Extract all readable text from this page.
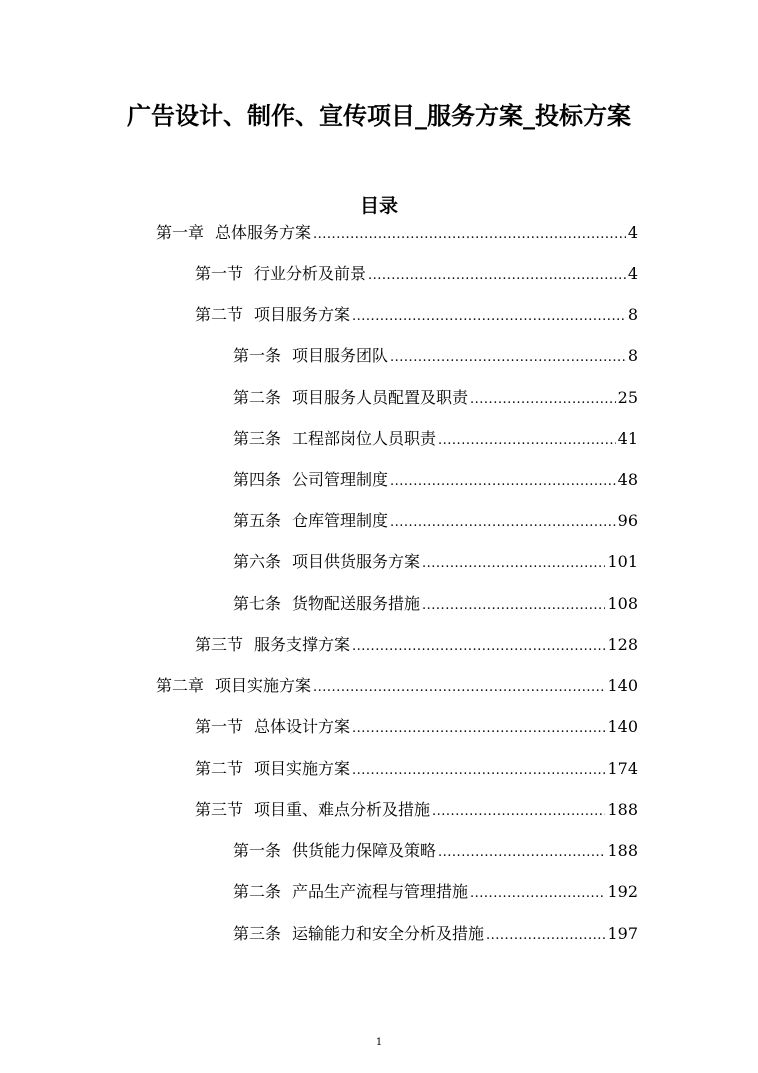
广告设计、制作、宣传项目_服务方案_投标方案
目录
第一章 总体服务方案 .....	4
第一节 行业分析及前景 .....	4
第二节 项目服务方案 .....	8
第一条 项目服务团队 .....	8
第二条 项目服务人员配置及职责 .....	25
第三条 工程部岗位人员职责 .....	41
第四条 公司管理制度 .....	48
第五条 仓库管理制度 .....	96
第六条 项目供货服务方案 .....	101
第七条 货物配送服务措施 .....	108
第三节 服务支撑方案 .....	128
第二章 项目实施方案 .....	140
第一节 总体设计方案 .....	140
第二节 项目实施方案 .....	174
第三节 项目重、难点分析及措施 .....	188
第一条 供货能力保障及策略 .....	188
第二条 产品生产流程与管理措施 .....	192
第三条 运输能力和安全分析及措施 .....	197
1
